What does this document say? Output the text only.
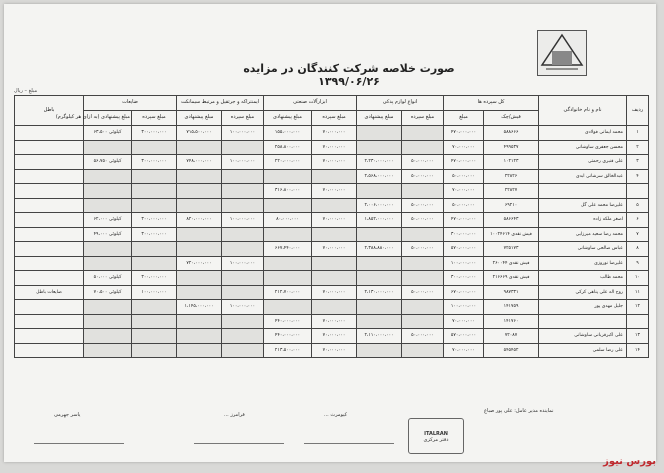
صورت خلاصه شرکت کنندگان در مزایده ۱۳۹۹/۰۶/۲۶
مبلغ – ریال
ردیف	نام و نام خانوادگی	کل سپرده ها		انواع لوازم پدکی		ابزارآلات صنعتی		ایمنتراکه و جرثقیل و مرتبط سیمانکت		ضایعات		باطل
		فیش/چک	مبلغ	مبلغ سپرده	مبلغ پیشنهادی	مبلغ سپرده	مبلغ پیشنهادی	مبلغ سپرده	مبلغ پیشنهادی	مبلغ سپرده	مبلغ پیشنهادی (به ازای هر کیلوگرم)	
۱	محمد ایمانی فولادی	۵۸۸۶۶۶	۴۷۰،۰۰۰،۰۰۰			۷۰،۰۰۰،۰۰۰	۱۵۵،۰۰۰،۰۰۰	۱۰۰،۰۰۰،۰۰۰	۷۱۵،۵۰۰،۰۰۰	۳۰۰،۰۰۰،۰۰۰	کیلوئی ۶۳،۵۰۰	
۲	محسن جعفری ساوشانی	۴۹۹۵۳۷	۷۰،۰۰۰،۰۰۰			۷۰،۰۰۰،۰۰۰	۲۵۸،۸۰۰،۰۰۰					
۳	علی قنبری رحمتی	۱۰۲۱۲۳	۴۷۰،۰۰۰،۰۰۰	۵۰،۰۰۰،۰۰۰	۲،۲۳۰،۰۰۰،۰۰۰	۷۰،۰۰۰،۰۰۰	۲۲۰،۰۰۰،۰۰۰	۱۰۰،۰۰۰،۰۰۰	۷۴۸،۰۰۰،۰۰۰	۳۰۰،۰۰۰،۰۰۰	کیلوئی ۵۶،۷۵۰	
۴	عبدالخالق سرشانی ابدی	۲۲۸۲۶	۵۰،۰۰۰،۰۰۰	۵۰،۰۰۰،۰۰۰	۲،۵۶۸،۰۰۰،۰۰۰							
		۲۲۸۲۷	۷۰،۰۰۰،۰۰۰			۷۰،۰۰۰،۰۰۰	۳۱۶،۸۰۰،۰۰۰					
۵	علیرضا محمد علی گل	۶۹۲۱۰	۵۰،۰۰۰،۰۰۰	۵۰،۰۰۰،۰۰۰	۲،۰۰۶،۰۰۰،۰۰۰							
۶	اصغر ملکه زاده	۵۸۶۶۴۳	۴۷۰،۰۰۰،۰۰۰	۵۰،۰۰۰،۰۰۰	۱،۸۵۲،۰۰۰،۰۰۰	۷۰،۰۰۰،۰۰۰	۸۰،۰۰۰،۰۰۰	۱۰۰،۰۰۰،۰۰۰	۸۲۰،۰۰۰،۰۰۰	۳۰۰،۰۰۰،۰۰۰	کیلوئی ۶۲،۰۰۰	
۷	محمد رضا سعید میرزایی	فیش نقدی ۱۰۰۲۴۶۱۴	۳۰۰،۰۰۰،۰۰۰							۳۰۰،۰۰۰،۰۰۰	کیلوئی ۴۹،۰۰۰	
۸	عباس صالحی ساوشانی	۷۲۵۱۷۳	۵۷۰،۰۰۰،۰۰۰	۵۰،۰۰۰،۰۰۰	۲،۳۸۸،۸۸۰،۰۰۰	۷۰،۰۰۰،۰۰۰	۶۶۷،۴۴۰،۰۰۰					
۹	علیرضا نوروزی	فیش نقدی ۲۶۰۰۴۴	۱۰۰،۰۰۰،۰۰۰					۱۰۰،۰۰۰،۰۰۰	۷۲۰،۰۰۰،۰۰۰			
۱۰	محمد طالب	فیش نقدی ۲۱۶۶۶۹	۳۰۰،۰۰۰،۰۰۰							۳۰۰،۰۰۰،۰۰۰	کیلوئی ۵۰،۰۰۰	
۱۱	روح اله علی پناهی کرکی	۹۸۷۳۳۱	۶۷۰،۰۰۰،۰۰۰	۵۰،۰۰۰،۰۰۰	۲،۱۳۰،۰۰۰،۰۰۰	۷۰،۰۰۰،۰۰۰	۲۱۲،۷۰۰،۰۰۰			۱۰۰،۰۰۰،۰۰۰	کیلوئی ۷۰،۵۰۰	ضایعات باطل
۱۲	جلیل مهدی پور	۱۴۱۷۵۹	۱۰۰،۰۰۰،۰۰۰					۱۰۰،۰۰۰،۰۰۰	۱،۱۴۵،۰۰۰،۰۰۰			
		۱۴۱۷۶۰	۷۰،۰۰۰،۰۰۰			۷۰،۰۰۰،۰۰۰	۴۴۰،۰۰۰،۰۰۰					
۱۳	علی اکبرقربانی ساوشانی	۷۲۰۸۷	۵۷۰،۰۰۰،۰۰۰	۵۰،۰۰۰،۰۰۰	۲،۱۱۰،۰۰۰،۰۰۰	۷۰،۰۰۰،۰۰۰	۴۴۰،۰۰۰،۰۰۰					
۱۴	علی رضا سلمی	۵۴۵۴۵۲	۷۰،۰۰۰،۰۰۰			۷۰،۰۰۰،۰۰۰	۲۱۳،۵۰۰،۰۰۰					
یاسر جهرمی	فرامرز ...	کیومرث ...
نماینده مدیر عامل: علی پور صباغ
ITALRAN
دفتر مرکزی
بورس نیوز
